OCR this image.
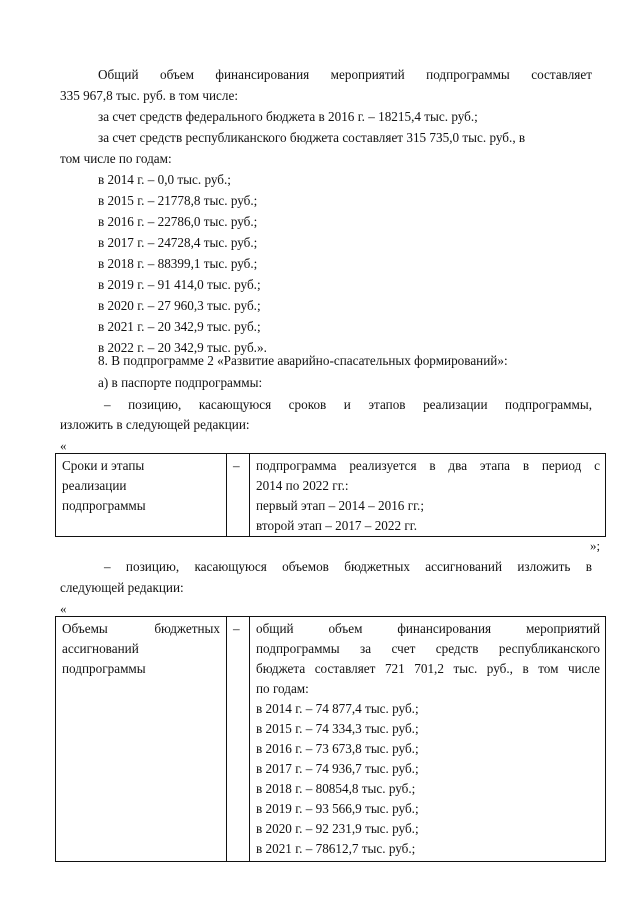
Общий объем финансирования мероприятий подпрограммы составляет
335 967,8 тыс. руб. в том числе:
за счет средств федерального бюджета в 2016 г. – 18215,4 тыс. руб.;
за счет средств республиканского бюджета составляет 315 735,0 тыс. руб., в
том числе по годам:
в 2014 г. – 0,0 тыс. руб.;
в 2015 г. – 21778,8 тыс. руб.;
в 2016 г. – 22786,0 тыс. руб.;
в 2017 г. – 24728,4 тыс. руб.;
в 2018 г. – 88399,1 тыс. руб.;
в 2019 г. – 91 414,0 тыс. руб.;
в 2020 г. – 27 960,3 тыс. руб.;
в 2021 г. – 20 342,9 тыс. руб.;
в 2022 г. – 20 342,9 тыс. руб.».
8. В подпрограмме 2 «Развитие аварийно-спасательных формирований»:
а) в паспорте подпрограммы:
– позицию, касающуюся сроков и этапов реализации подпрограммы,
изложить в следующей редакции:
«
Сроки и этапы
реализации
подпрограммы
– подпрограмма реализуется в два этапа в период с
2014 по 2022 гг.:
первый этап – 2014 – 2016 гг.;
второй этап – 2017 – 2022 гг.
»;
– позицию, касающуюся объемов бюджетных ассигнований изложить в
следующей редакции:
«
Объемы бюджетных
ассигнований
подпрограммы
– общий объем финансирования мероприятий
подпрограммы за счет средств республиканского
бюджета составляет 721 701,2 тыс. руб., в том числе
по годам:
в 2014 г. – 74 877,4 тыс. руб.;
в 2015 г. – 74 334,3 тыс. руб.;
в 2016 г. – 73 673,8 тыс. руб.;
в 2017 г. – 74 936,7 тыс. руб.;
в 2018 г. – 80854,8 тыс. руб.;
в 2019 г. – 93 566,9 тыс. руб.;
в 2020 г. – 92 231,9 тыс. руб.;
в 2021 г. – 78612,7 тыс. руб.;
